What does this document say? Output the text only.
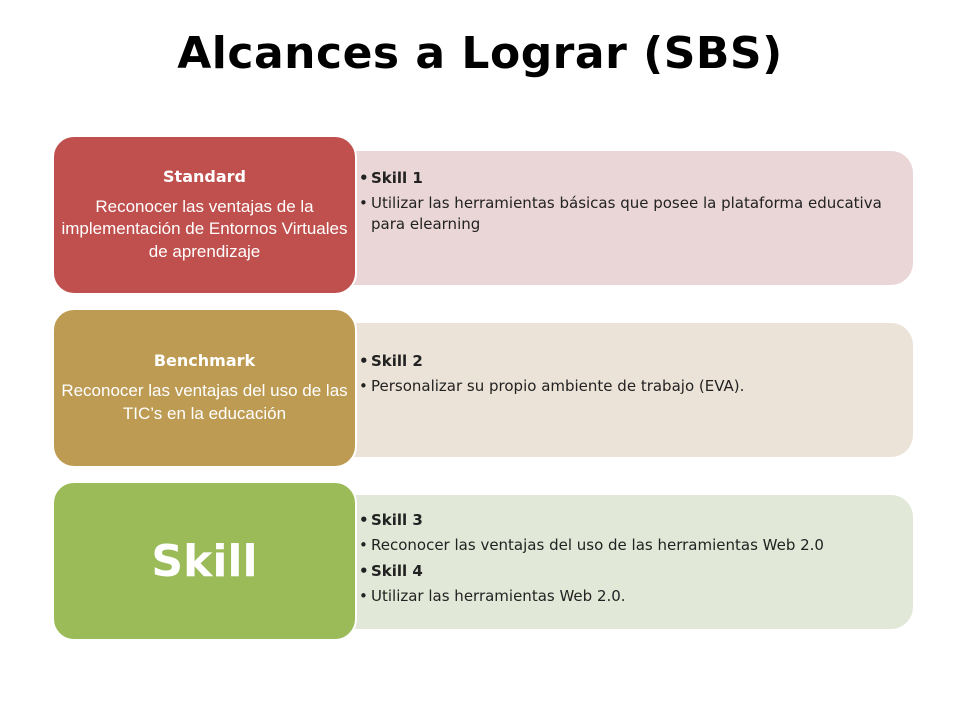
Alcances a Lograr (SBS)
Standard
Reconocer las ventajas de la implementación de Entornos Virtuales de aprendizaje
• Skill 1
• Utilizar las herramientas básicas que posee la plataforma educativa para elearning
Benchmark
Reconocer las ventajas del uso de las TIC’s en la educación
• Skill 2
• Personalizar su propio ambiente de trabajo (EVA).
Skill
• Skill 3
• Reconocer las ventajas del uso de las herramientas Web 2.0
• Skill 4
• Utilizar las herramientas Web 2.0.
